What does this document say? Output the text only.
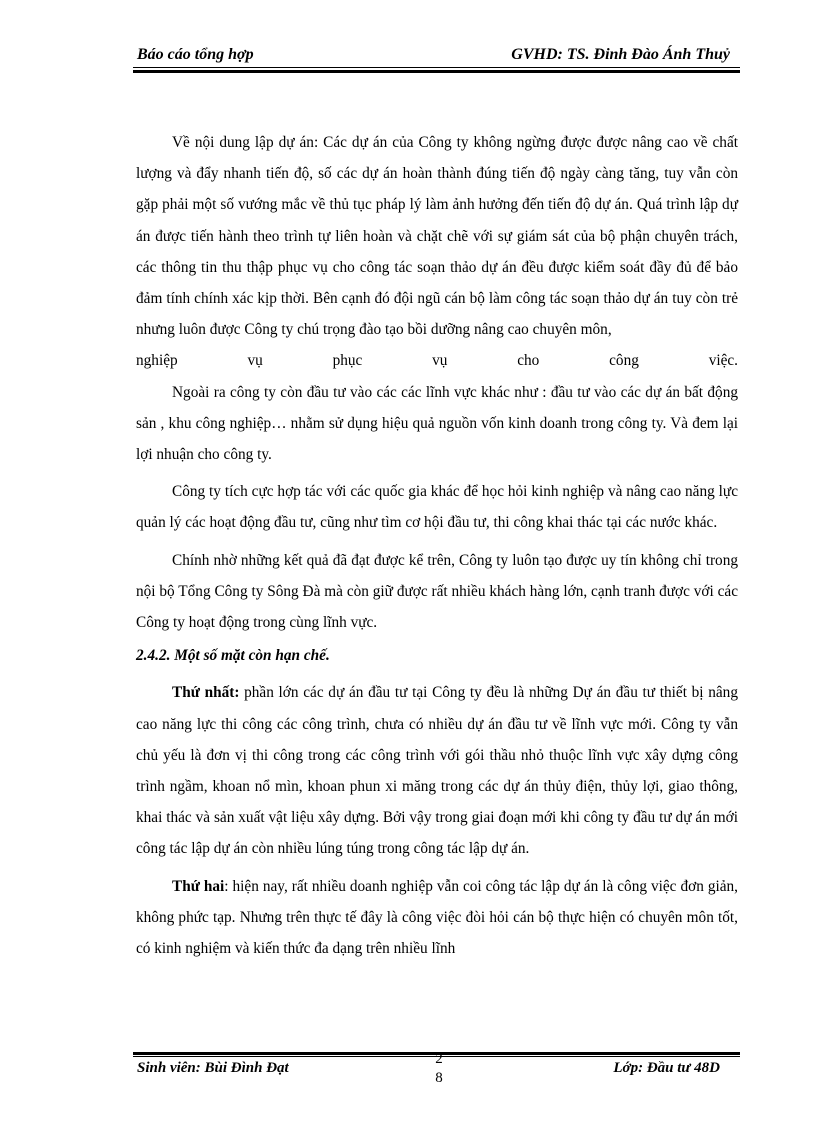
Báo cáo tổng hợp	GVHD: TS. Đinh Đào Ánh Thuỷ

Về nội dung lập dự án: Các dự án của Công ty không ngừng được được nâng cao về chất lượng và đẩy nhanh tiến độ, số các dự án hoàn thành đúng tiến độ ngày càng tăng, tuy vẫn còn gặp phải một số vướng mắc về thủ tục pháp lý làm ảnh hưởng đến tiến độ dự án. Quá trình lập dự án được tiến hành theo trình tự liên hoàn và chặt chẽ với sự giám sát của bộ phận chuyên trách, các thông tin thu thập phục vụ cho công tác soạn thảo dự án đều được kiểm soát đầy đủ để bảo đảm tính chính xác kịp thời. Bên cạnh đó đội ngũ cán bộ làm công tác soạn thảo dự án tuy còn trẻ nhưng luôn được Công ty chú trọng đào tạo bồi dưỡng nâng cao chuyên môn,

nghiệp vụ phục vụ cho công việc.

Ngoài ra công ty còn đầu tư vào các các lĩnh vực khác như : đầu tư vào các dự án bất động sản , khu công nghiệp… nhằm sử dụng hiệu quả nguồn vốn kinh doanh trong công ty. Và đem lại lợi nhuận cho công ty.

Công ty tích cực hợp tác với các quốc gia khác để học hỏi kinh nghiệp và nâng cao năng lực quản lý các hoạt động đầu tư, cũng như tìm cơ hội đầu tư, thi công khai thác tại các nước khác.

Chính nhờ những kết quả đã đạt được kể trên, Công ty luôn tạo được uy tín không chỉ trong nội bộ Tổng Công ty Sông Đà mà còn giữ được rất nhiều khách hàng lớn, cạnh tranh được với các Công ty hoạt động trong cùng lĩnh vực.

2.4.2. Một số mặt còn hạn chế.

Thứ nhất: phần lớn các dự án đầu tư tại Công ty đều là những Dự án đầu tư thiết bị nâng cao năng lực thi công các công trình, chưa có nhiều dự án đầu tư về lĩnh vực mới. Công ty vẫn chủ yếu là đơn vị thi công trong các công trình với gói thầu nhỏ thuộc lĩnh vực xây dựng công trình ngầm, khoan nổ mìn, khoan phun xi măng trong các dự án thủy điện, thủy lợi, giao thông, khai thác và sản xuất vật liệu xây dựng. Bởi vậy trong giai đoạn mới khi công ty đầu tư dự án mới công tác lập dự án còn nhiều lúng túng trong công tác lập dự án.

Thứ hai: hiện nay, rất nhiều doanh nghiệp vẫn coi công tác lập dự án là công việc đơn giản, không phức tạp. Nhưng trên thực tế đây là công việc đòi hỏi cán bộ thực hiện có chuyên môn tốt, có kinh nghiệm và kiến thức đa dạng trên nhiều lĩnh

Sinh viên: Bùi Đình Đạt
2
8
Lớp: Đầu tư 48D
